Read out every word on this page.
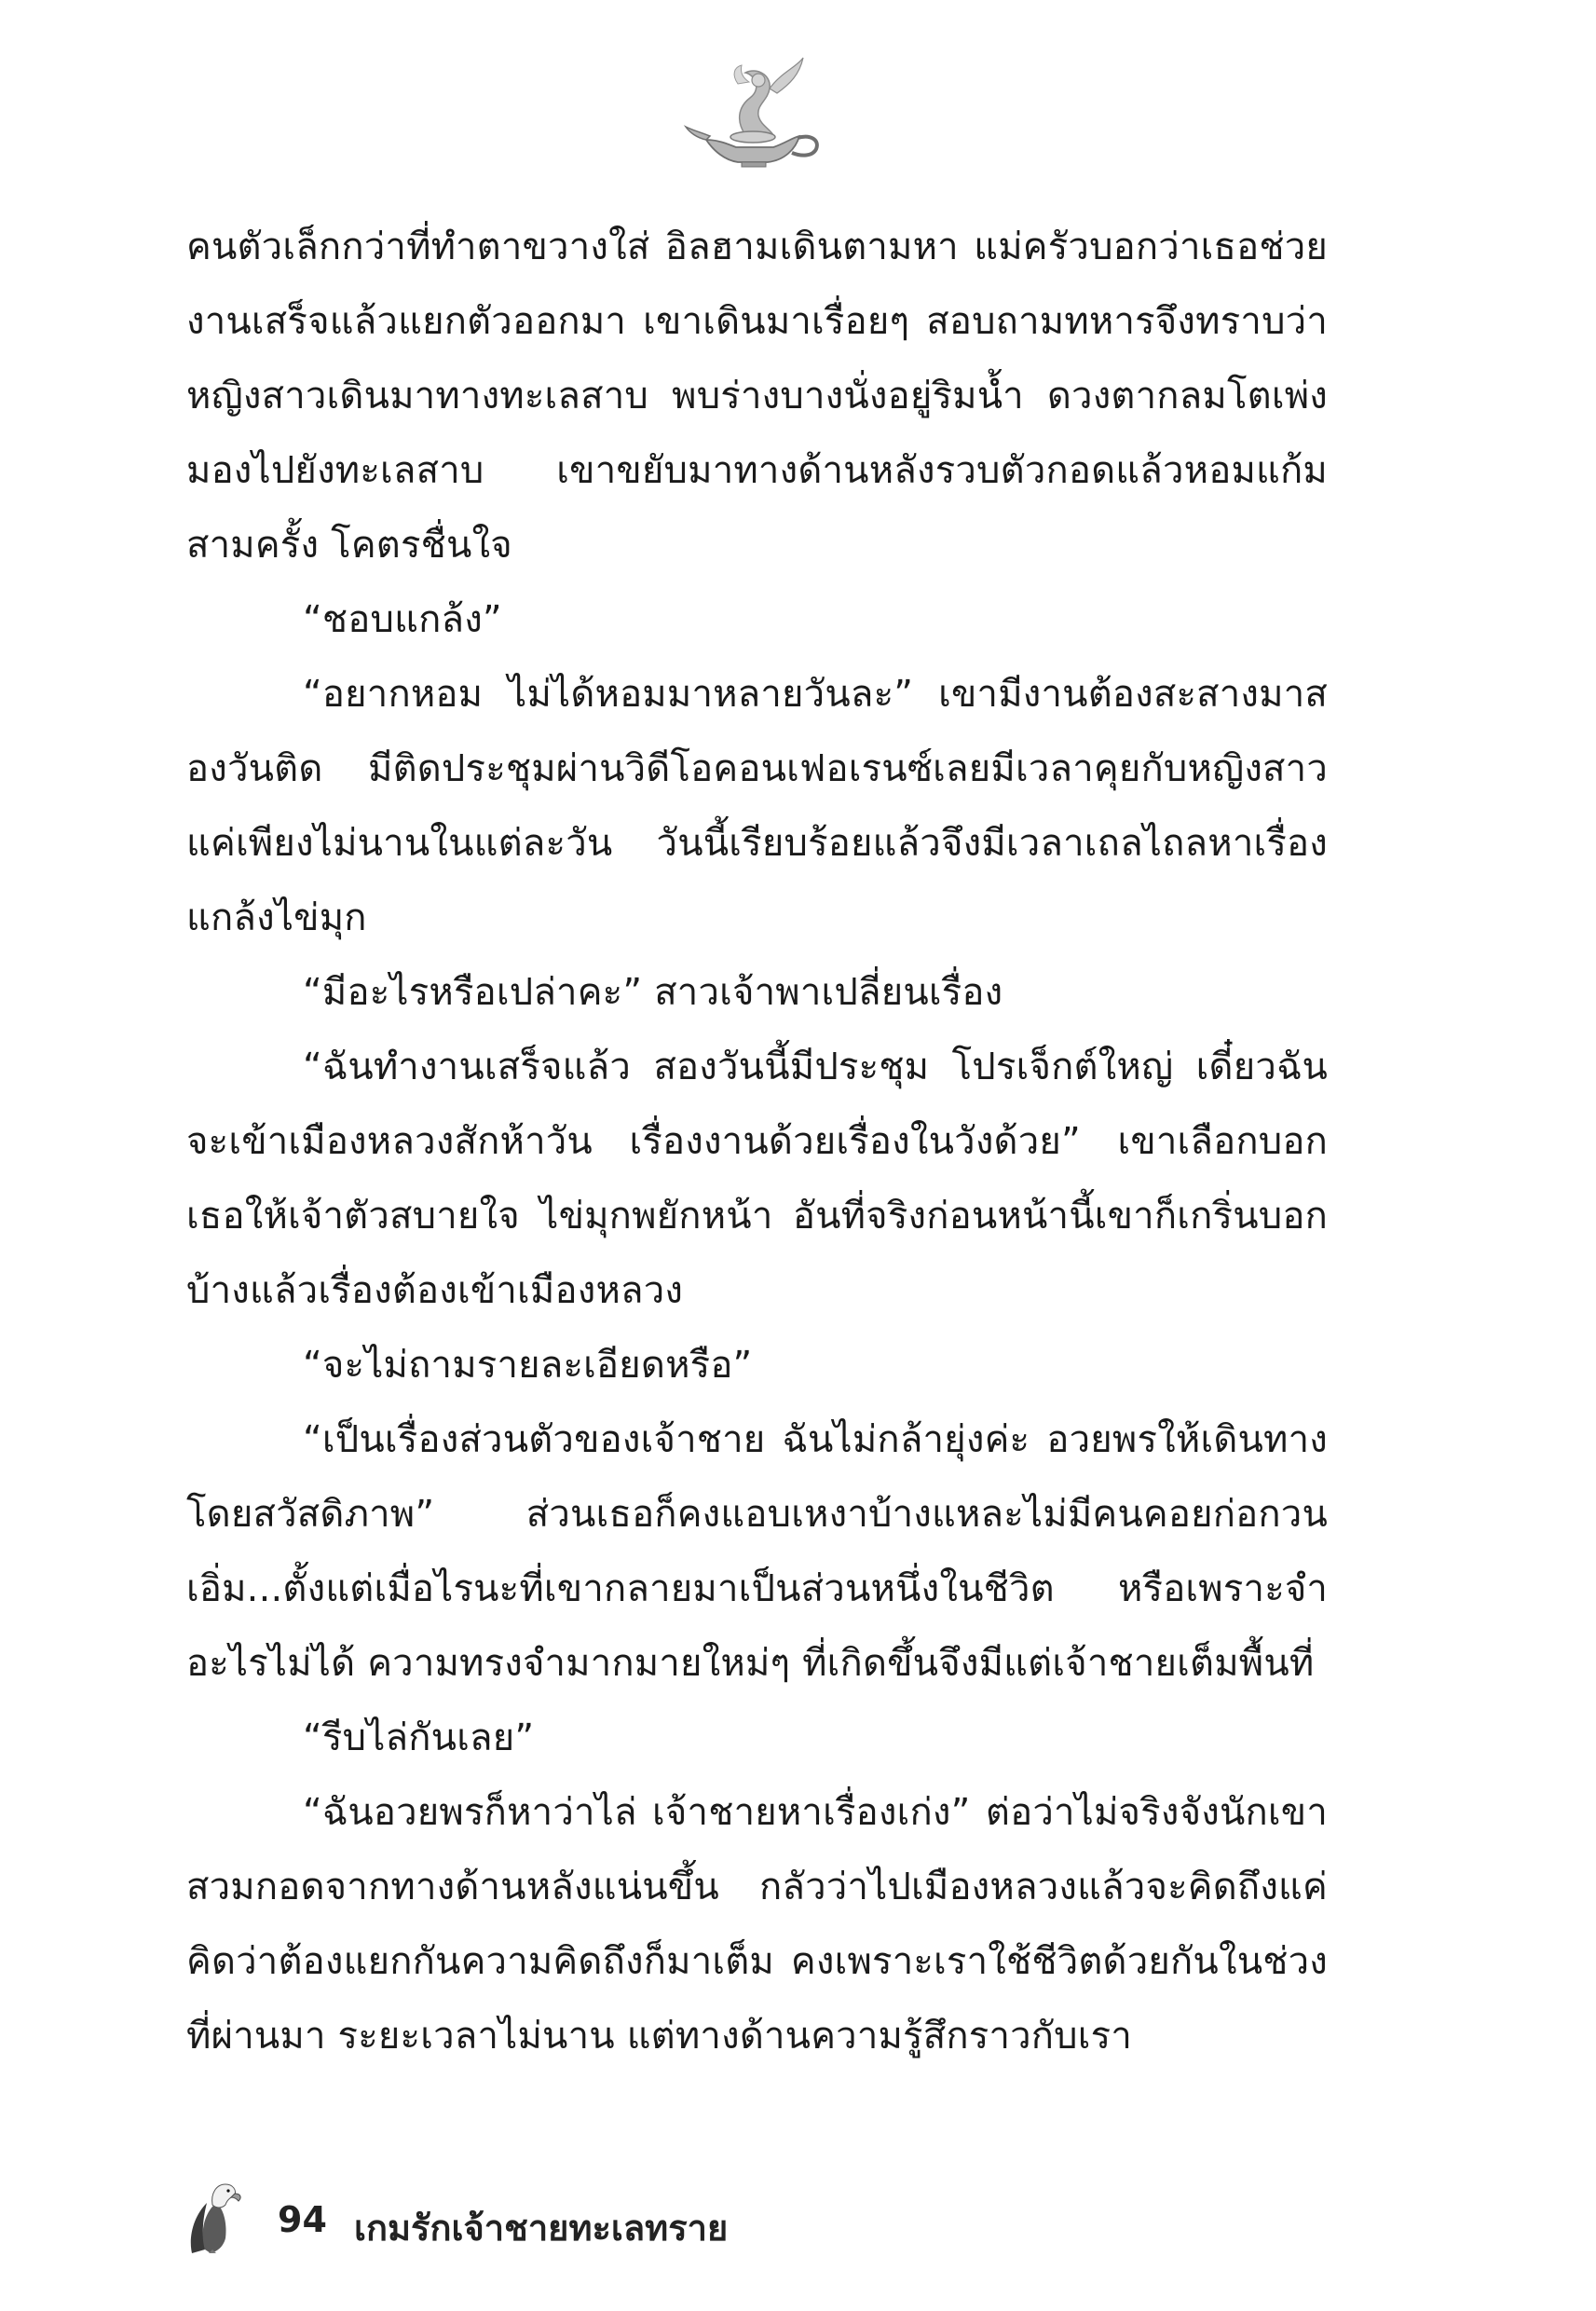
คนตัวเล็กกว่าที่ทำตาขวางใส่ อิลฮามเดินตามหา แม่ครัวบอกว่าเธอช่วยงานเสร็จแล้วแยกตัวออกมา เขาเดินมาเรื่อยๆ สอบถามทหารจึงทราบว่าหญิงสาวเดินมาทางทะเลสาบ พบร่างบางนั่งอยู่ริมน้ำ ดวงตากลมโตเพ่งมองไปยังทะเลสาบ เขาขยับมาทางด้านหลังรวบตัวกอดแล้วหอมแก้มสามครั้ง โคตรชื่นใจ

“ชอบแกล้ง”

“อยากหอม ไม่ได้หอมมาหลายวันละ” เขามีงานต้องสะสางมาสองวันติด มีติดประชุมผ่านวิดีโอคอนเฟอเรนซ์เลยมีเวลาคุยกับหญิงสาวแค่เพียงไม่นานในแต่ละวัน วันนี้เรียบร้อยแล้วจึงมีเวลาเถลไถลหาเรื่องแกล้งไข่มุก

“มีอะไรหรือเปล่าคะ” สาวเจ้าพาเปลี่ยนเรื่อง

“ฉันทำงานเสร็จแล้ว สองวันนี้มีประชุม โปรเจ็กต์ใหญ่ เดี๋ยวฉันจะเข้าเมืองหลวงสักห้าวัน เรื่องงานด้วยเรื่องในวังด้วย” เขาเลือกบอกเธอให้เจ้าตัวสบายใจ ไข่มุกพยักหน้า อันที่จริงก่อนหน้านี้เขาก็เกริ่นบอกบ้างแล้วเรื่องต้องเข้าเมืองหลวง

“จะไม่ถามรายละเอียดหรือ”

“เป็นเรื่องส่วนตัวของเจ้าชาย ฉันไม่กล้ายุ่งค่ะ อวยพรให้เดินทางโดยสวัสดิภาพ” ส่วนเธอก็คงแอบเหงาบ้างแหละไม่มีคนคอยก่อกวนเอิ่ม...ตั้งแต่เมื่อไรนะที่เขากลายมาเป็นส่วนหนึ่งในชีวิต หรือเพราะจำอะไรไม่ได้ ความทรงจำมากมายใหม่ๆ ที่เกิดขึ้นจึงมีแต่เจ้าชายเต็มพื้นที่

“รีบไล่กันเลย”

“ฉันอวยพรก็หาว่าไล่ เจ้าชายหาเรื่องเก่ง” ต่อว่าไม่จริงจังนักเขาสวมกอดจากทางด้านหลังแน่นขึ้น กลัวว่าไปเมืองหลวงแล้วจะคิดถึงแค่คิดว่าต้องแยกกันความคิดถึงก็มาเต็ม คงเพราะเราใช้ชีวิตด้วยกันในช่วงที่ผ่านมา ระยะเวลาไม่นาน แต่ทางด้านความรู้สึกราวกับเรา

94 เกมรักเจ้าชายทะเลทราย
